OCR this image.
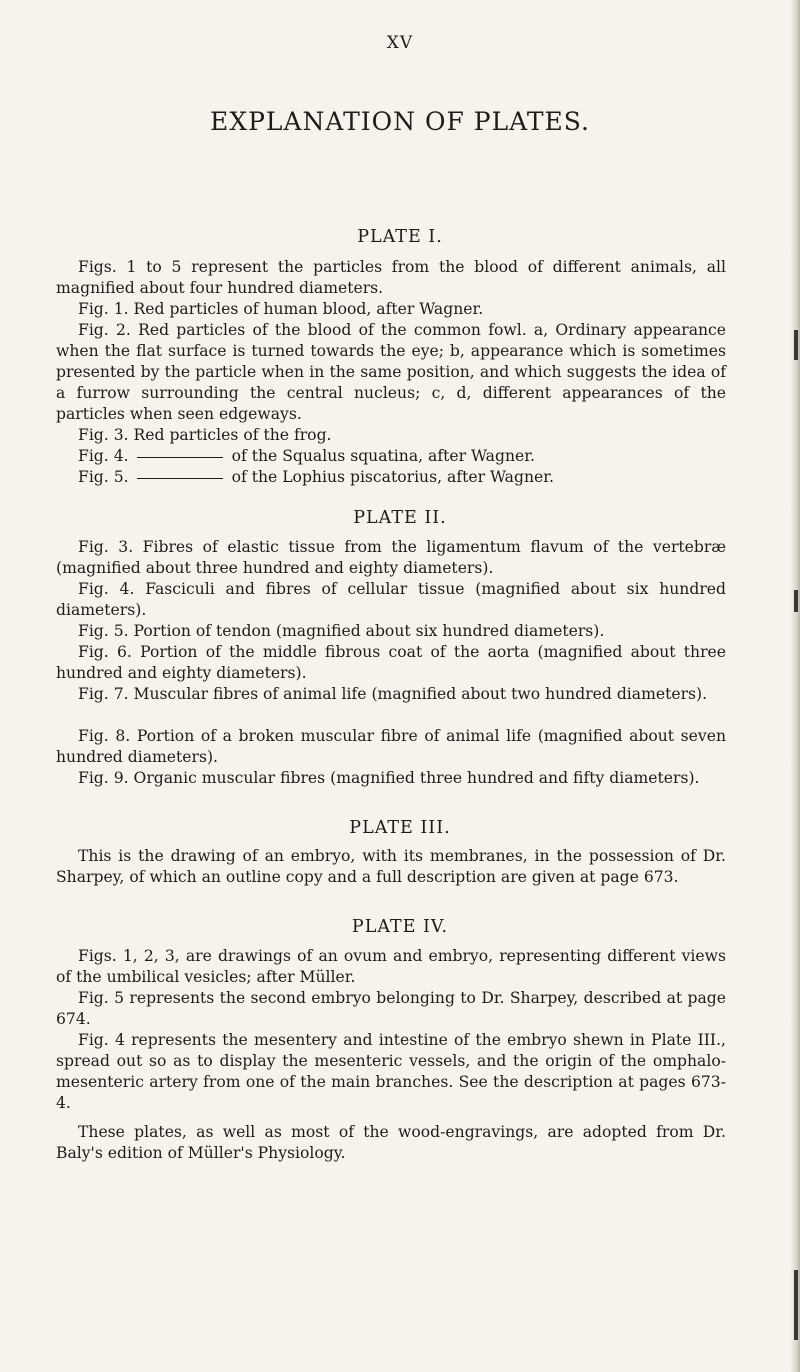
XV
EXPLANATION OF PLATES.
PLATE I.

Figs. 1 to 5 represent the particles from the blood of different animals, all magnified about four hundred diameters.

Fig. 1. Red particles of human blood, after Wagner.

Fig. 2. Red particles of the blood of the common fowl. a, Ordinary appearance when the flat surface is turned towards the eye; b, appearance which is sometimes presented by the particle when in the same position, and which suggests the idea of a furrow surrounding the central nucleus; c, d, different appearances of the particles when seen edgeways.

Fig. 3. Red particles of the frog.

Fig. 4.	of the Squalus squatina, after Wagner.
Fig. 5.	of the Lophius piscatorius, after Wagner.
PLATE II.

Fig. 3. Fibres of elastic tissue from the ligamentum flavum of the vertebræ (magnified about three hundred and eighty diameters).

Fig. 4. Fasciculi and fibres of cellular tissue (magnified about six hundred diameters).

Fig. 5. Portion of tendon (magnified about six hundred diameters).

Fig. 6. Portion of the middle fibrous coat of the aorta (magnified about three hundred and eighty diameters).

Fig. 7. Muscular fibres of animal life (magnified about two hundred diameters).

Fig. 8. Portion of a broken muscular fibre of animal life (magnified about seven hundred diameters).

Fig. 9. Organic muscular fibres (magnified three hundred and fifty diameters).

PLATE III.

This is the drawing of an embryo, with its membranes, in the possession of Dr. Sharpey, of which an outline copy and a full description are given at page 673.

PLATE IV.

Figs. 1, 2, 3, are drawings of an ovum and embryo, representing different views of the umbilical vesicles; after Müller.

Fig. 5 represents the second embryo belonging to Dr. Sharpey, described at page 674.

Fig. 4 represents the mesentery and intestine of the embryo shewn in Plate III., spread out so as to display the mesenteric vessels, and the origin of the omphalo-mesenteric artery from one of the main branches. See the description at pages 673-4.

These plates, as well as most of the wood-engravings, are adopted from Dr. Baly's edition of Müller's Physiology.
